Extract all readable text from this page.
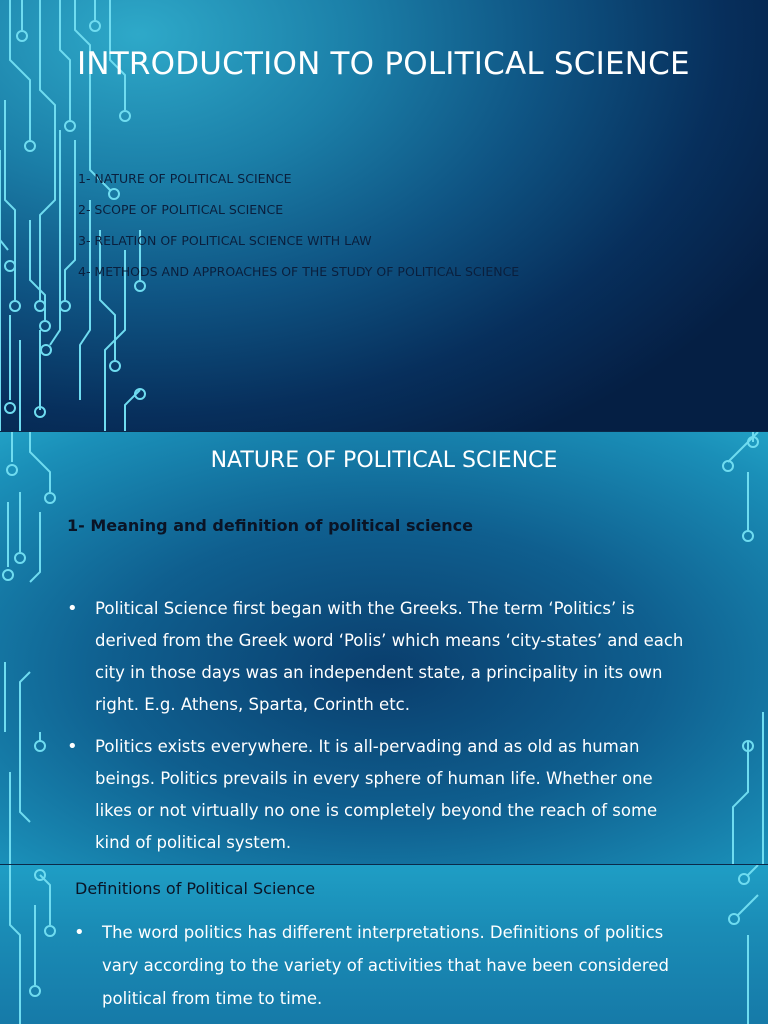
INTRODUCTION TO POLITICAL SCIENCE
1- NATURE OF POLITICAL SCIENCE
2- SCOPE OF POLITICAL SCIENCE
3- RELATION OF POLITICAL SCIENCE WITH LAW
4- METHODS AND APPROACHES OF THE STUDY OF POLITICAL SCIENCE
NATURE OF POLITICAL SCIENCE

1- Meaning and definition of political science

• Political Science first began with the Greeks. The term ‘Politics’ is derived from the Greek word ‘Polis’ which means ‘city-states’ and each city in those days was an independent state, a principality in its own right. E.g. Athens, Sparta, Corinth etc.
• Politics exists everywhere. It is all-pervading and as old as human beings. Politics prevails in every sphere of human life. Whether one likes or not virtually no one is completely beyond the reach of some kind of political system.

Definitions of Political Science

• The word politics has different interpretations. Definitions of politics vary according to the variety of activities that have been considered political from time to time.
